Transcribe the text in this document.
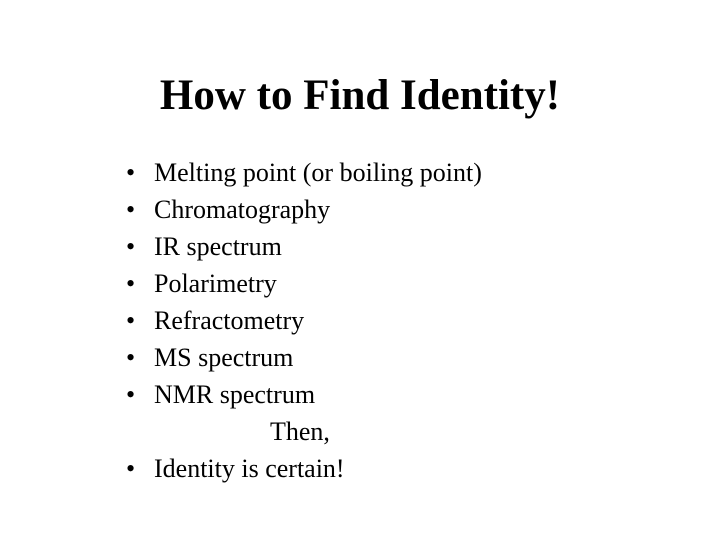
How to Find Identity!
• Melting point (or boiling point)
• Chromatography
• IR spectrum
• Polarimetry
• Refractometry
• MS spectrum
• NMR spectrum
Then,
• Identity is certain!
